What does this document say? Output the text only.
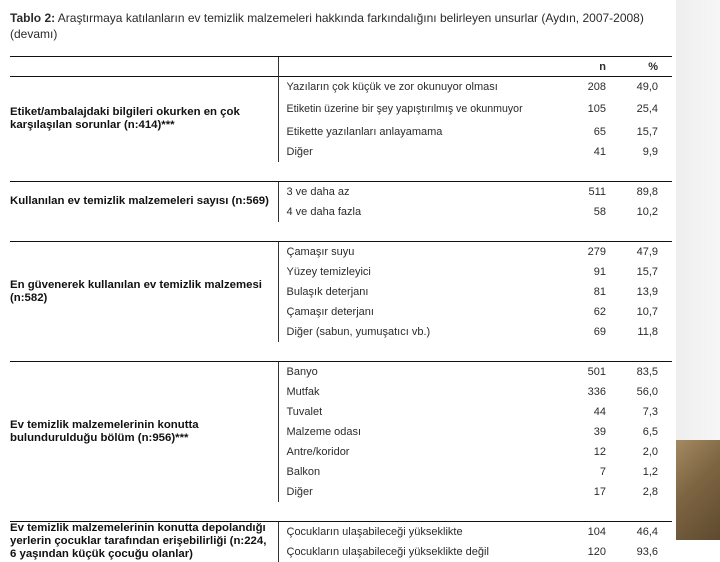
Tablo 2: Araştırmaya katılanların ev temizlik malzemeleri hakkında farkındalığını belirleyen unsurlar (Aydın, 2007-2008) (devamı)
		n	%
Etiket/ambalajdaki bilgileri okurken en çok karşılaşılan sorunlar (n:414)***	Yazıların çok küçük ve zor okunuyor olması	208	49,0
	Etiketin üzerine bir şey yapıştırılmış ve okunmuyor	105	25,4
	Etikette yazılanları anlayamama	65	15,7
	Diğer	41	9,9

Kullanılan ev temizlik malzemeleri sayısı (n:569)	3 ve daha az	511	89,8
	4 ve daha fazla	58	10,2

En güvenerek kullanılan ev temizlik malzemesi (n:582)	Çamaşır suyu	279	47,9
	Yüzey temizleyici	91	15,7
	Bulaşık deterjanı	81	13,9
	Çamaşır deterjanı	62	10,7
	Diğer (sabun, yumuşatıcı vb.)	69	11,8

Ev temizlik malzemelerinin konutta bulundurulduğu bölüm (n:956)***	Banyo	501	83,5
	Mutfak	336	56,0
	Tuvalet	44	7,3
	Malzeme odası	39	6,5
	Antre/koridor	12	2,0
	Balkon	7	1,2
	Diğer	17	2,8

Ev temizlik malzemelerinin konutta depolandığı yerlerin çocuklar tarafından erişebilirliği (n:224, 6 yaşından küçük çocuğu olanlar)	Çocukların ulaşabileceği yükseklikte	104	46,4
	Çocukların ulaşabileceği yükseklikte değil	120	93,6
